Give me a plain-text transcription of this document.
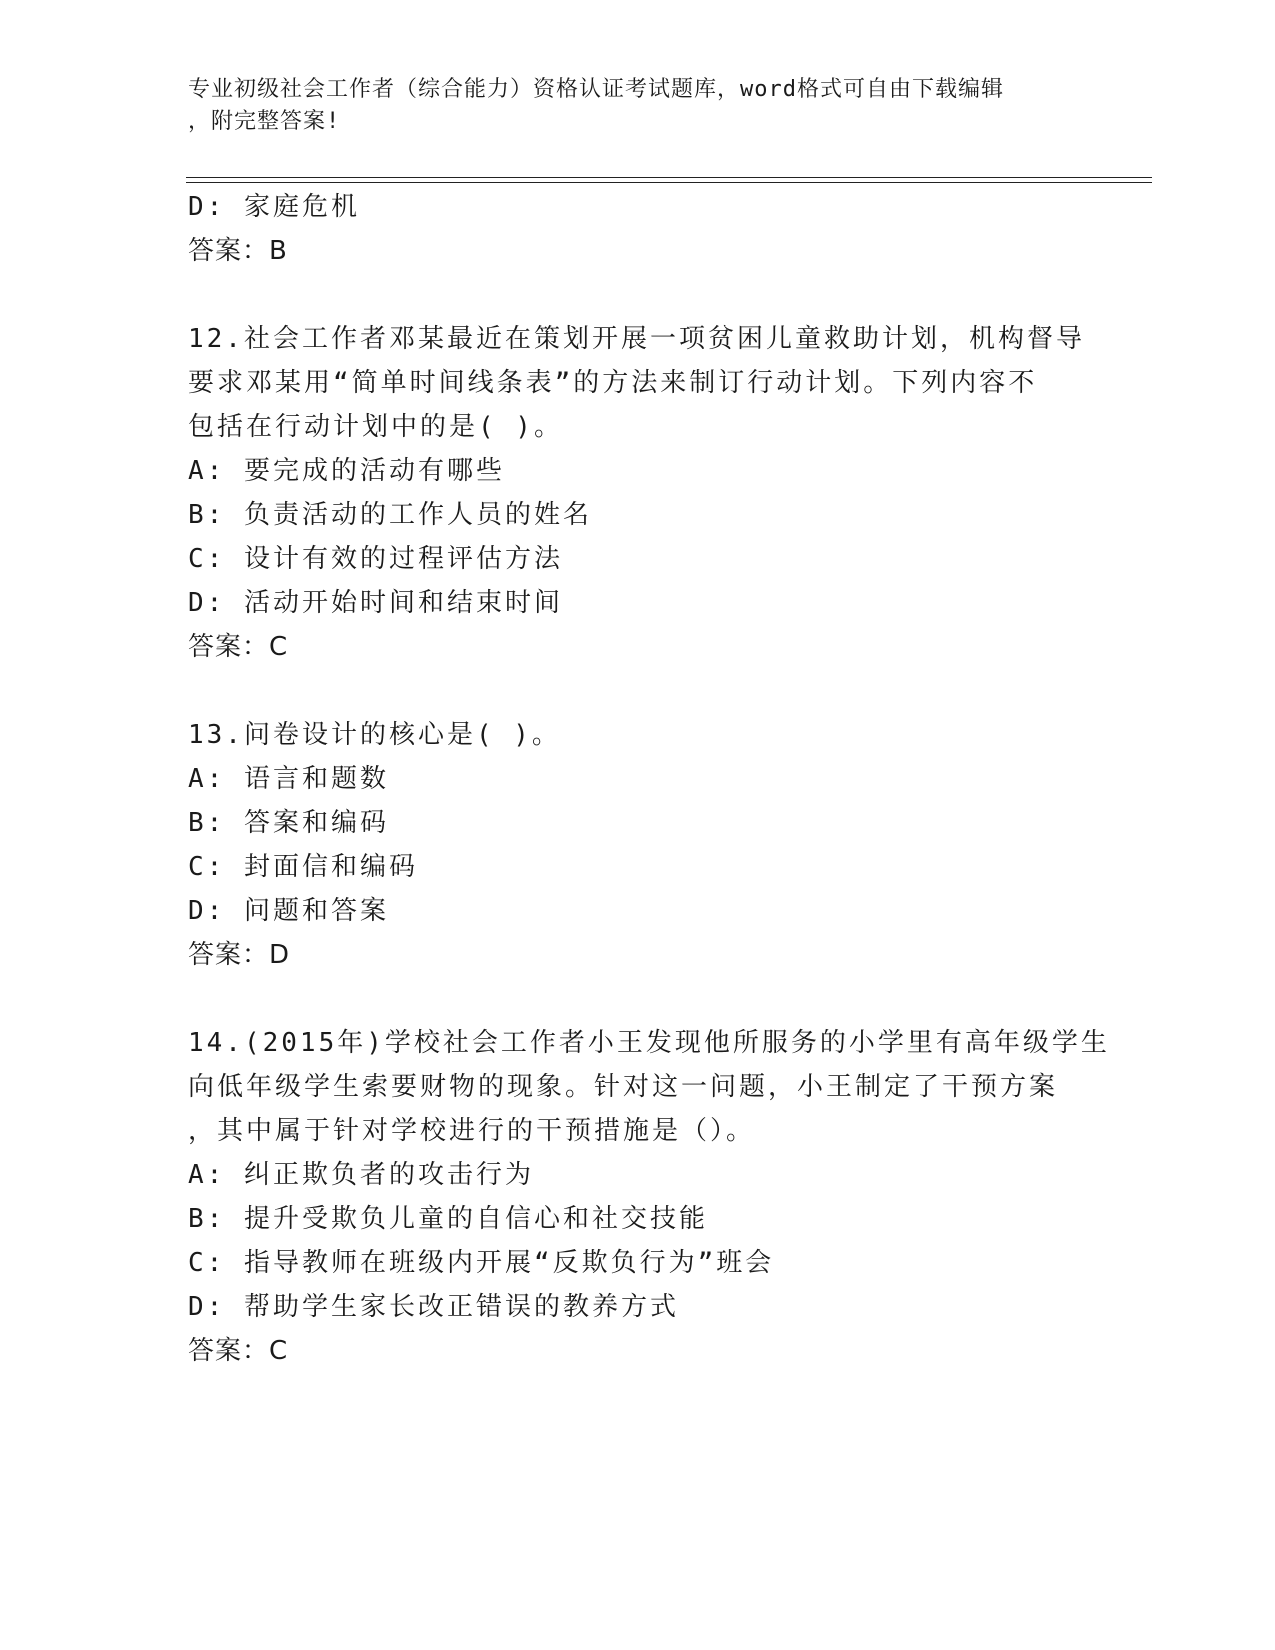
专业初级社会工作者（综合能力）资格认证考试题库，word格式可自由下载编辑
，附完整答案!
D: 家庭危机
答案：B
12.社会工作者邓某最近在策划开展一项贫困儿童救助计划，机构督导
要求邓某用“简单时间线条表”的方法来制订行动计划。下列内容不
包括在行动计划中的是( )。
A: 要完成的活动有哪些
B: 负责活动的工作人员的姓名
C: 设计有效的过程评估方法
D: 活动开始时间和结束时间
答案：C
13.问卷设计的核心是( )。
A: 语言和题数
B: 答案和编码
C: 封面信和编码
D: 问题和答案
答案：D
14.(2015年)学校社会工作者小王发现他所服务的小学里有高年级学生
向低年级学生索要财物的现象。针对这一问题，小王制定了干预方案
，其中属于针对学校进行的干预措施是（）。
A: 纠正欺负者的攻击行为
B: 提升受欺负儿童的自信心和社交技能
C: 指导教师在班级内开展“反欺负行为”班会
D: 帮助学生家长改正错误的教养方式
答案：C
